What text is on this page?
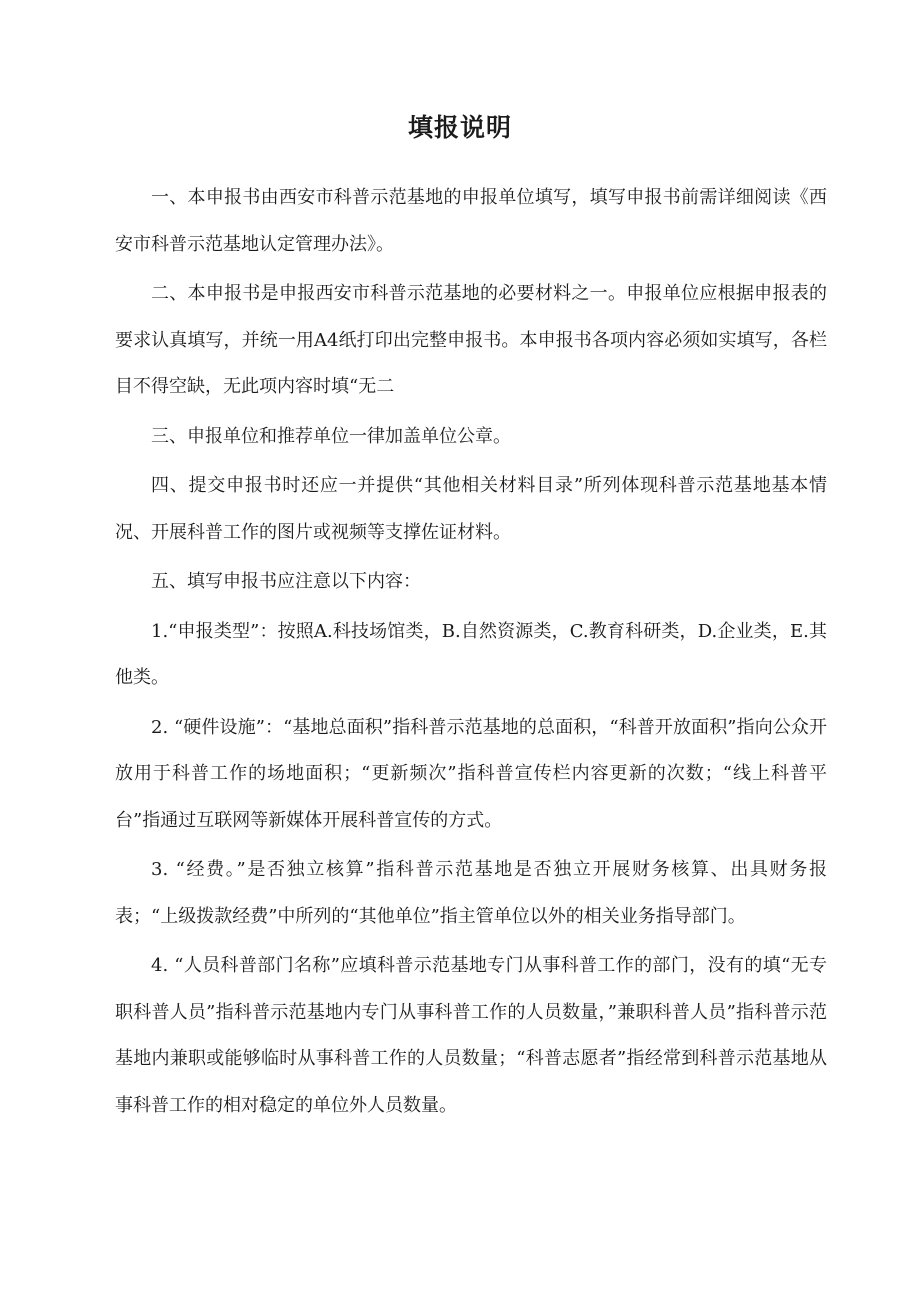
填报说明

一、本申报书由西安市科普示范基地的申报单位填写，填写申报书前需详细阅读《西安市科普示范基地认定管理办法》。

二、本申报书是申报西安市科普示范基地的必要材料之一。申报单位应根据申报表的要求认真填写，并统一用A4纸打印出完整申报书。本申报书各项内容必须如实填写，各栏目不得空缺，无此项内容时填“无二

三、申报单位和推荐单位一律加盖单位公章。

四、提交申报书时还应一并提供“其他相关材料目录”所列体现科普示范基地基本情况、开展科普工作的图片或视频等支撑佐证材料。

五、填写申报书应注意以下内容：

1.“申报类型”：按照A.科技场馆类，B.自然资源类，C.教育科研类，D.企业类，E.其他类。

2. “硬件设施”：“基地总面积”指科普示范基地的总面积，“科普开放面积”指向公众开放用于科普工作的场地面积；“更新频次”指科普宣传栏内容更新的次数；“线上科普平台”指通过互联网等新媒体开展科普宣传的方式。

3. “经费。”是否独立核算”指科普示范基地是否独立开展财务核算、出具财务报表；“上级拨款经费”中所列的“其他单位”指主管单位以外的相关业务指导部门。

4. “人员科普部门名称”应填科普示范基地专门从事科普工作的部门，没有的填“无专职科普人员”指科普示范基地内专门从事科普工作的人员数量，”兼职科普人员”指科普示范基地内兼职或能够临时从事科普工作的人员数量；“科普志愿者”指经常到科普示范基地从事科普工作的相对稳定的单位外人员数量。
